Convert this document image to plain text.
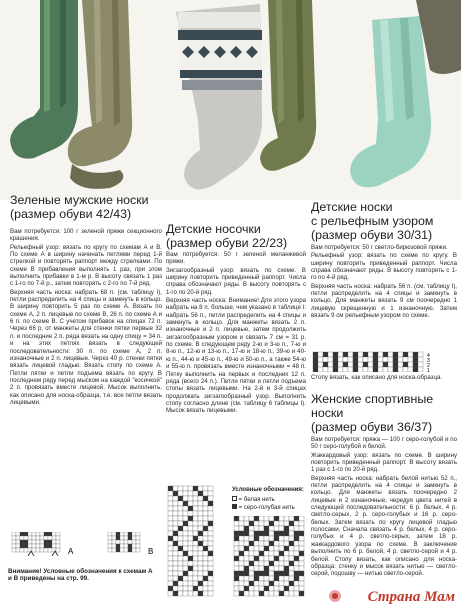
Зеленые мужские носки
(размер обуви 42/43)
Детские носочки
(размер обуви 22/23)
Детские носки
с рельефным узором
(размер обуви 30/31)
Женские спортивные
носки
(размер обуви 36/37)

Вам потребуется: 100 г зеленой пряжи секционного крашения.

Рельефный узор: вязать по кругу по схемам А и В. По схеме А в ширину начинать петлями перед 1-й стрелкой и повторять раппорт между стрелками. По схеме В прибавления выполнять 1 раз, при этом выполнить прибавки в 1-м р. В высоту связать 1 раз с 1-го по 7-й р., затем повторять с 2-го по 7-й ряд.

Верхняя часть носка: набрать 68 п. (см. таблицу I), петли распределить на 4 спицы и замкнуть в кольцо. В ширину повторить 5 раз по схеме А. Вязать по схеме А, 2 п. лицевые по схеме В, 26 п. по схеме А и 6 п. по схеме В. С учетом прибавок на спицах 72 п. Через 66 р. от манжеты для стенки пятки первые 32 п. и последние 2 п. ряда вязать на одну спицу = 34 п. и на этих петлях вязать в следующей последовательности: 30 п. по схеме А, 2 п. изнаночные и 2 п. лицевые. Через 40 р. стенки пятки вязать лицевой гладью. Вязать стопу по схеме А. Петли пятки и петли подъема вязать по кругу. В последнем ряду перед мыском на каждой "косичкой" 2 п. провязать вместе лицевой. Мысок выполнить, как описано для носка-образца, т.е. все петли вязать лицевыми.

Вам потребуется: 50 г зеленой меланжевой пряжи.

Зигзагообразный узор: вязать по схеме. В ширину повторить приведенный раппорт. Числа справа обозначают ряды. В высоту повторять с 1-го по 20-й ряд.

Верхняя часть носка: Внимание! Для этого узора набрать на 8 п. больше, чем указано в таблице I: набрать 56 п., петли распределить на 4 спицы и замкнуть в кольцо. Для манжеты вязать 2 п. изнаночные и 2 п. лицевые, затем продолжить зигзагообразным узором и связать 7 см = 31 р. по схеме. В следующем ряду 2-ю и 3-ю п., 7-ю и 8-ю п., 12-ю и 13-ю п., 17-ю и 18-ю п., 39-ю и 40-ю п., 44-ю и 45-ю п., 49-ю и 50-ю п., а также 54-ю и 55-ю п. провязать вместе изнаночными = 48 п. Пятку выполнить на первых и последних 12 п. ряда (всего 24 п.). Петли пятки и петли подъема стопы вязать лицевыми. На 2-й и 3-й спицах продолжать зигзагообразный узор. Выполнить стопу согласно длине (см. таблицу 6 таблицы I). Мысок вязать лицевыми.

Вам потребуется: 50 г светло-бирюзовой пряжи.

Рельефный узор: вязать по схеме по кругу. В ширину повторить приведенный раппорт. Числа справа обозначают ряды. В высоту повторять с 1-го по 4-й ряд.

Верхняя часть носка: набрать 56 п. (см. таблицу I), петли распределить на 4 спицы и замкнуть в кольцо. Для манжеты вязать 9 см поочередно 1 лицевую скрещенную и 1 изнаночную. Затем вязать 9 см рельефным узором по схеме.

Стопу вязать, как описано для носка-образца.

Вам потребуется: пряжа — 100 г серо-голубой и по 50 г серо-голубой и белой.

Жаккардовый узор: вязать по схеме. В ширину повторить приведенный раппорт. В высоту вязать 1 раз с 1-го по 20-й ряд.

Верхняя часть носка: набрать белой нитью 52 п., петли распределить на 4 спицы и замкнуть в кольцо. Для манжеты вязать поочередно 2 лицевые и 2 изнаночные, чередуя цвета нитей в следующей последовательности: 6 р. белых, 4 р. светло-серых, 2 р. серо-голубых и 16 р. серо-белых. Затем вязать по кругу лицевой гладью полосами. Сначала связать 4 р. белых, 4 р. серо-голубых и 4 р. светло-серых, затем 18 р. жаккардового узора по схеме. В заключение выполнить по 6 р. белой, 4 р. светло-серой и 4 р. белой. Стопу вязать, как описано для носка-образца: стенку и мысок вязать нитью — светло-серой, подошву — нитью светло-серой.

А	В
Внимание! Условные обозначения к схемам А и В приведены на стр. 99.
Условные обозначения:
= белая нить
= серо-голубая нить
4
3
2
1
Страна Мам
